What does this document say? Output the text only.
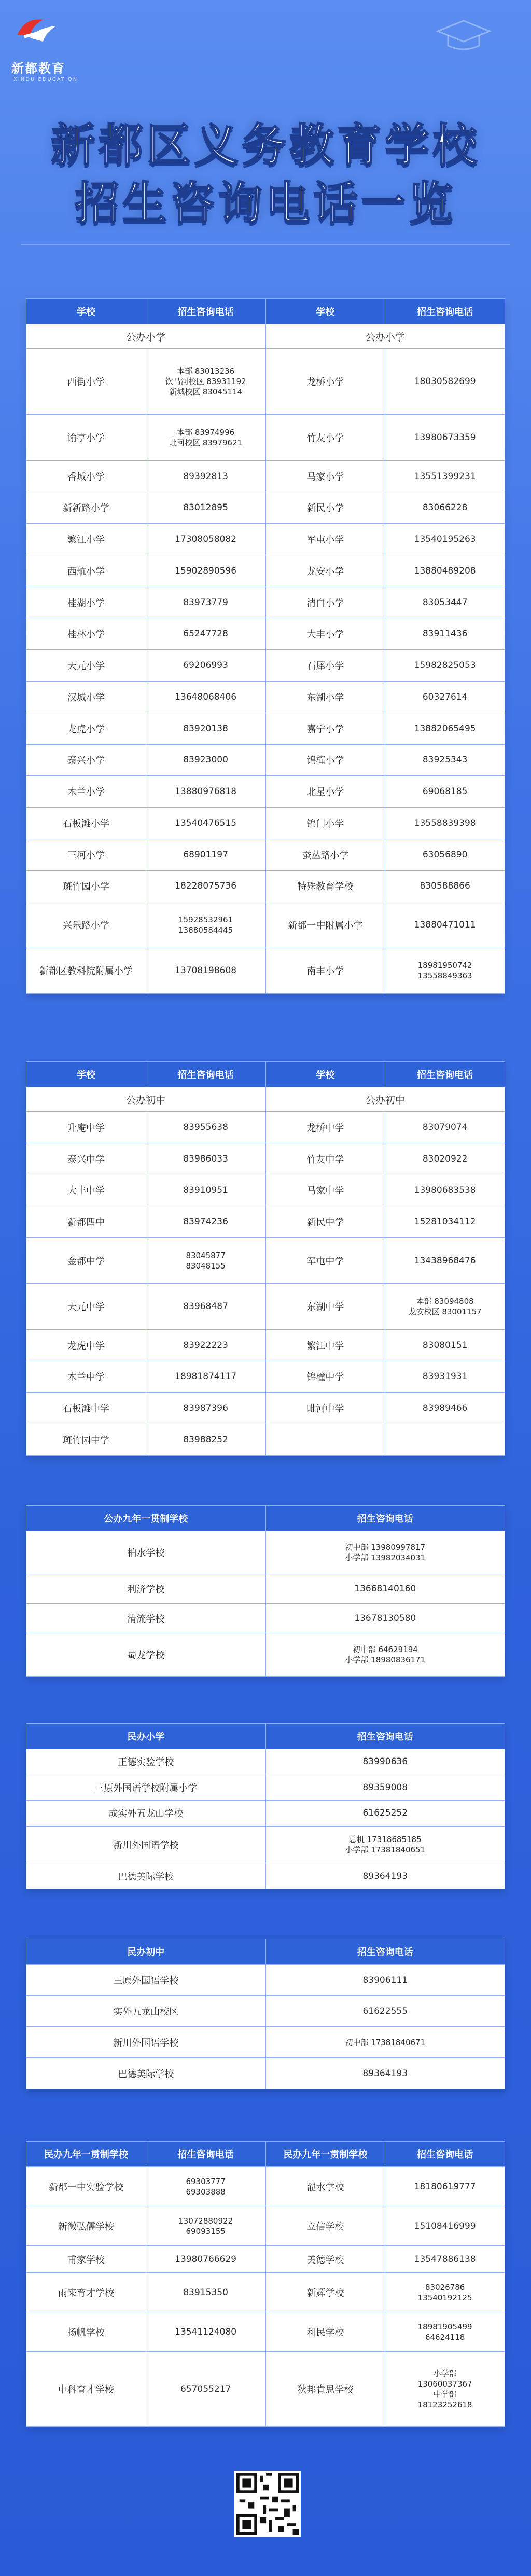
新都教育
XINDU EDUCATION
新都区义务教育学校
招生咨询电话一览
学校	招生咨询电话	学校	招生咨询电话
公办小学		公办小学	
西街小学	本部 83013236
饮马河校区 83931192
新城校区 83045114	龙桥小学	18030582699
谕亭小学	本部 83974996
毗河校区 83979621	竹友小学	13980673359
香城小学	89392813	马家小学	13551399231
新新路小学	83012895	新民小学	83066228
繁江小学	17308058082	军屯小学	13540195263
西航小学	15902890596	龙安小学	13880489208
桂湖小学	83973779	清白小学	83053447
桂林小学	65247728	大丰小学	83911436
天元小学	69206993	石犀小学	15982825053
汉城小学	13648068406	东湖小学	60327614
龙虎小学	83920138	嘉宁小学	13882065495
泰兴小学	83923000	锦橦小学	83925343
木兰小学	13880976818	北星小学	69068185
石板滩小学	13540476515	锦门小学	13558839398
三河小学	68901197	蚕丛路小学	63056890
斑竹园小学	18228075736	特殊教育学校	830588866
兴乐路小学	15928532961
13880584445	新都一中附属小学	13880471011
新都区教科院附属小学	13708198608	南丰小学	18981950742
13558849363
学校	招生咨询电话	学校	招生咨询电话
公办初中		公办初中	
升庵中学	83955638	龙桥中学	83079074
泰兴中学	83986033	竹友中学	83020922
大丰中学	83910951	马家中学	13980683538
新都四中	83974236	新民中学	15281034112
金都中学	83045877
83048155	军屯中学	13438968476
天元中学	83968487	东湖中学	本部 83094808
龙安校区 83001157
龙虎中学	83922223	繁江中学	83080151
木兰中学	18981874117	锦橦中学	83931931
石板滩中学	83987396	毗河中学	83989466
斑竹园中学	83988252		
公办九年一贯制学校	招生咨询电话
柏水学校	初中部 13980997817
小学部 13982034031
利济学校	13668140160
清流学校	13678130580
蜀龙学校	初中部 64629194
小学部 18980836171
民办小学	招生咨询电话
正德实验学校	83990636
三原外国语学校附属小学	89359008
成实外五龙山学校	61625252
新川外国语学校	总机 17318685185
小学部 17381840651
巴德美际学校	89364193
民办初中	招生咨询电话
三原外国语学校	83906111
实外五龙山校区	61622555
新川外国语学校	初中部 17381840671
巴德美际学校	89364193
民办九年一贯制学校	招生咨询电话	民办九年一贯制学校	招生咨询电话
新都一中实验学校	69303777
69303888	濯水学校	18180619777
新徵弘儒学校	13072880922
69093155	立信学校	15108416999
甫家学校	13980766629	美德学校	13547886138
雨来育才学校	83915350	新辉学校	83026786
13540192125
扬帆学校	13541124080	利民学校	18981905499
64624118
中科育才学校	657055217	狄邦肯思学校	小学部
13060037367
中学部
18123252618
